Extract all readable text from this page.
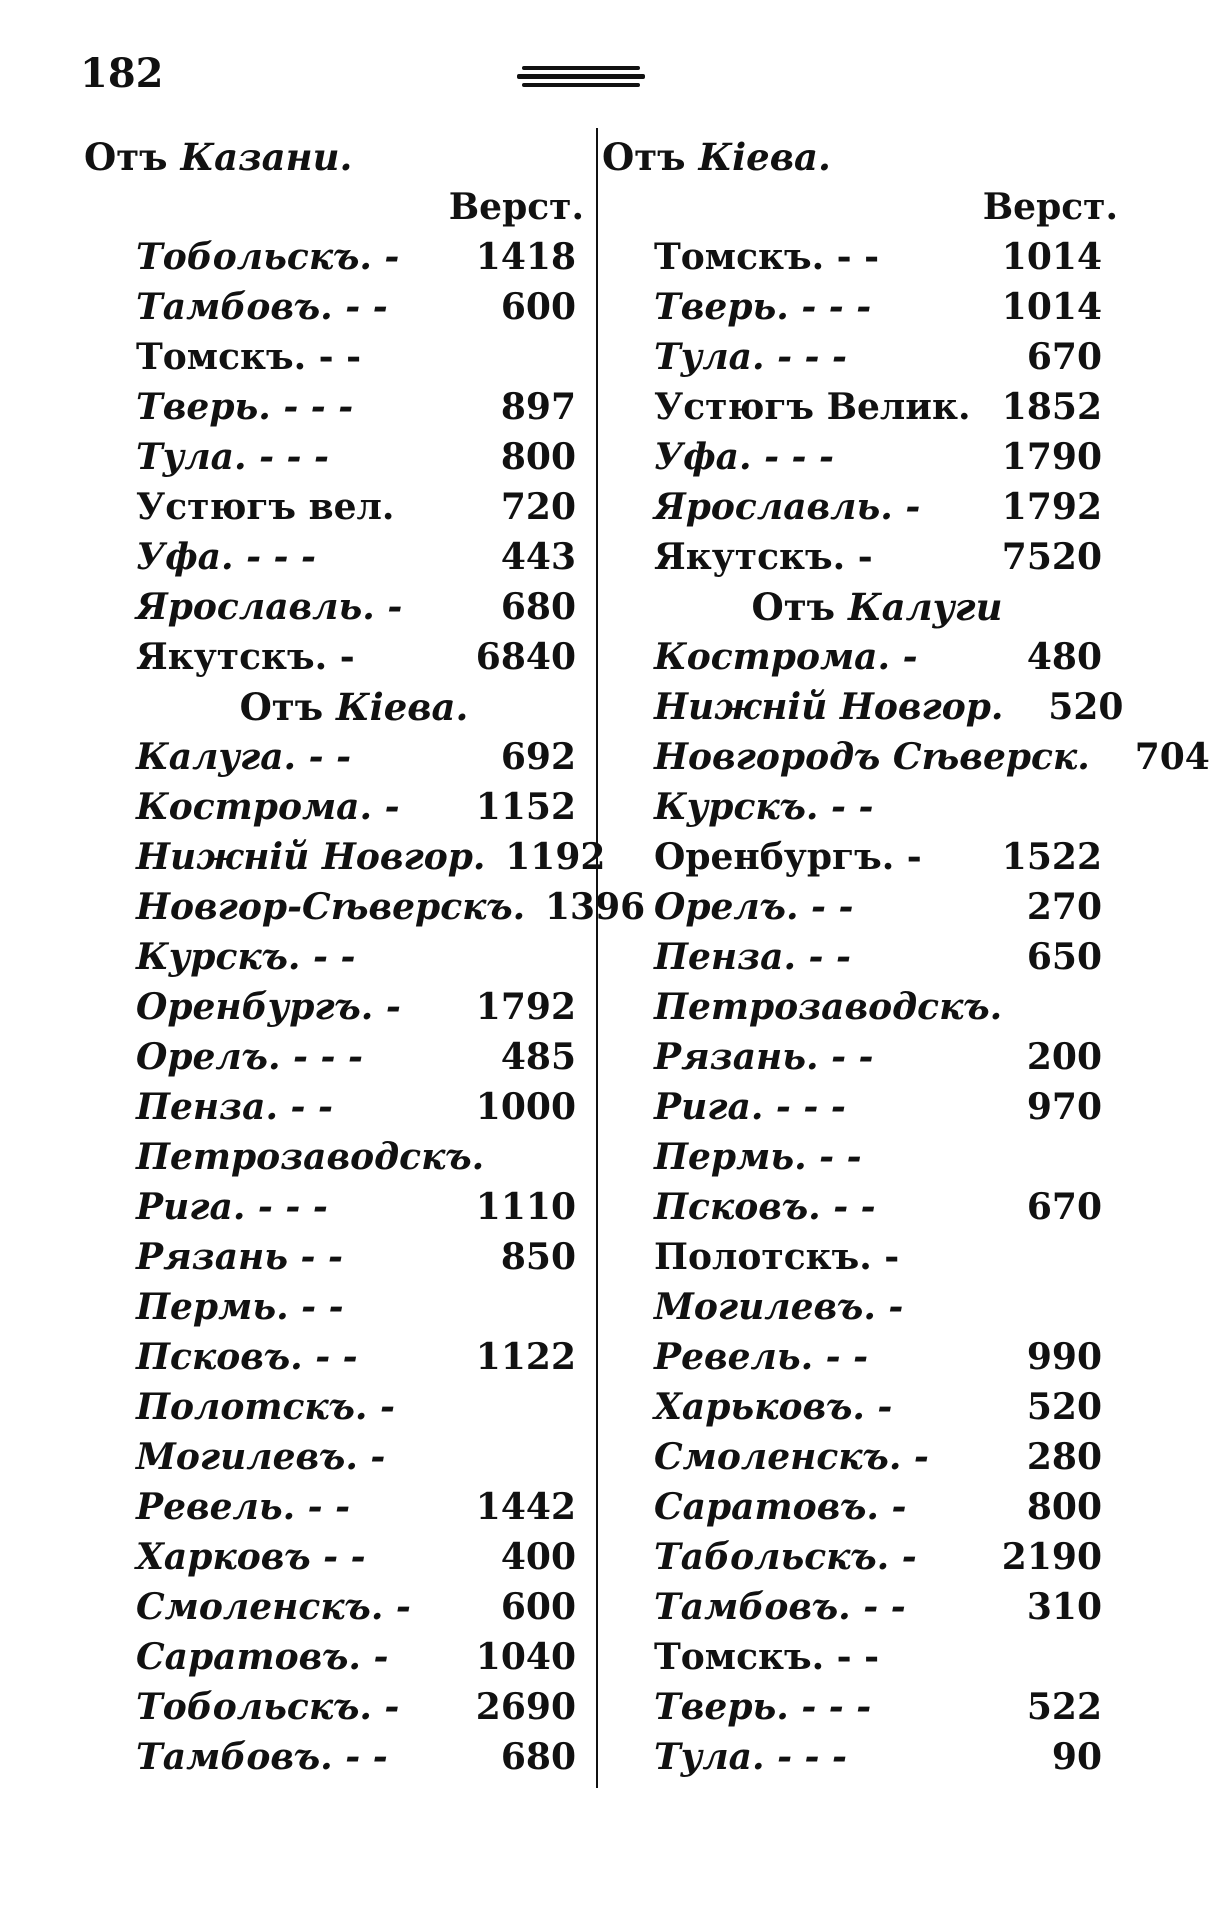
182
Отъ Казани.
Верст.
Тобольскъ. -	1418
Тамбовъ. - -	600
Томскъ. - -
Тверь. - - -	897
Тула. - - -	800
Устюгъ вел.	720
Уфа. - - -	443
Ярославль. -	680
Якутскъ. -	6840
Отъ Кіева.
Калуга. - -	692
Кострома. -	1152
Нижній Новгор. 1192
Новгор-Сѣверскъ. 1396
Курскъ. - -
Оренбургъ. -	1792
Орелъ. - - -	485
Пенза. - -	1000
Петрозаводскъ.
Рига. - - -	1110
Рязань - -	850
Пермь. - -
Псковъ. - -	1122
Полотскъ. -
Могилевъ. -
Ревель. - -	1442
Харковъ - -	400
Смоленскъ. -	600
Саратовъ. -	1040
Тобольскъ. -	2690
Тамбовъ. - -	680
Отъ Кіева.
Верст.
Томскъ. - -	1014
Тверь. - - -	1014
Тула. - - -	670
Устюгъ Велик. 1852
Уфа. - - -	1790
Ярославль. -	1792
Якутскъ. -	7520
Отъ Калуги
Кострома. -	480
Нижній Новгор.	520
Новгородъ Сѣверск.	704
Курскъ. - -
Оренбургъ. -	1522
Орелъ. - -	270
Пенза. - -	650
Петрозаводскъ.
Рязань. - -	200
Рига. - - -	970
Пермь. - -
Псковъ. - -	670
Полотскъ. -
Могилевъ. -
Ревель. - -	990
Харьковъ. -	520
Смоленскъ. -	280
Саратовъ. -	800
Табольскъ. -	2190
Тамбовъ. - -	310
Томскъ. - -
Тверь. - - -	522
Тула. - - -	90
